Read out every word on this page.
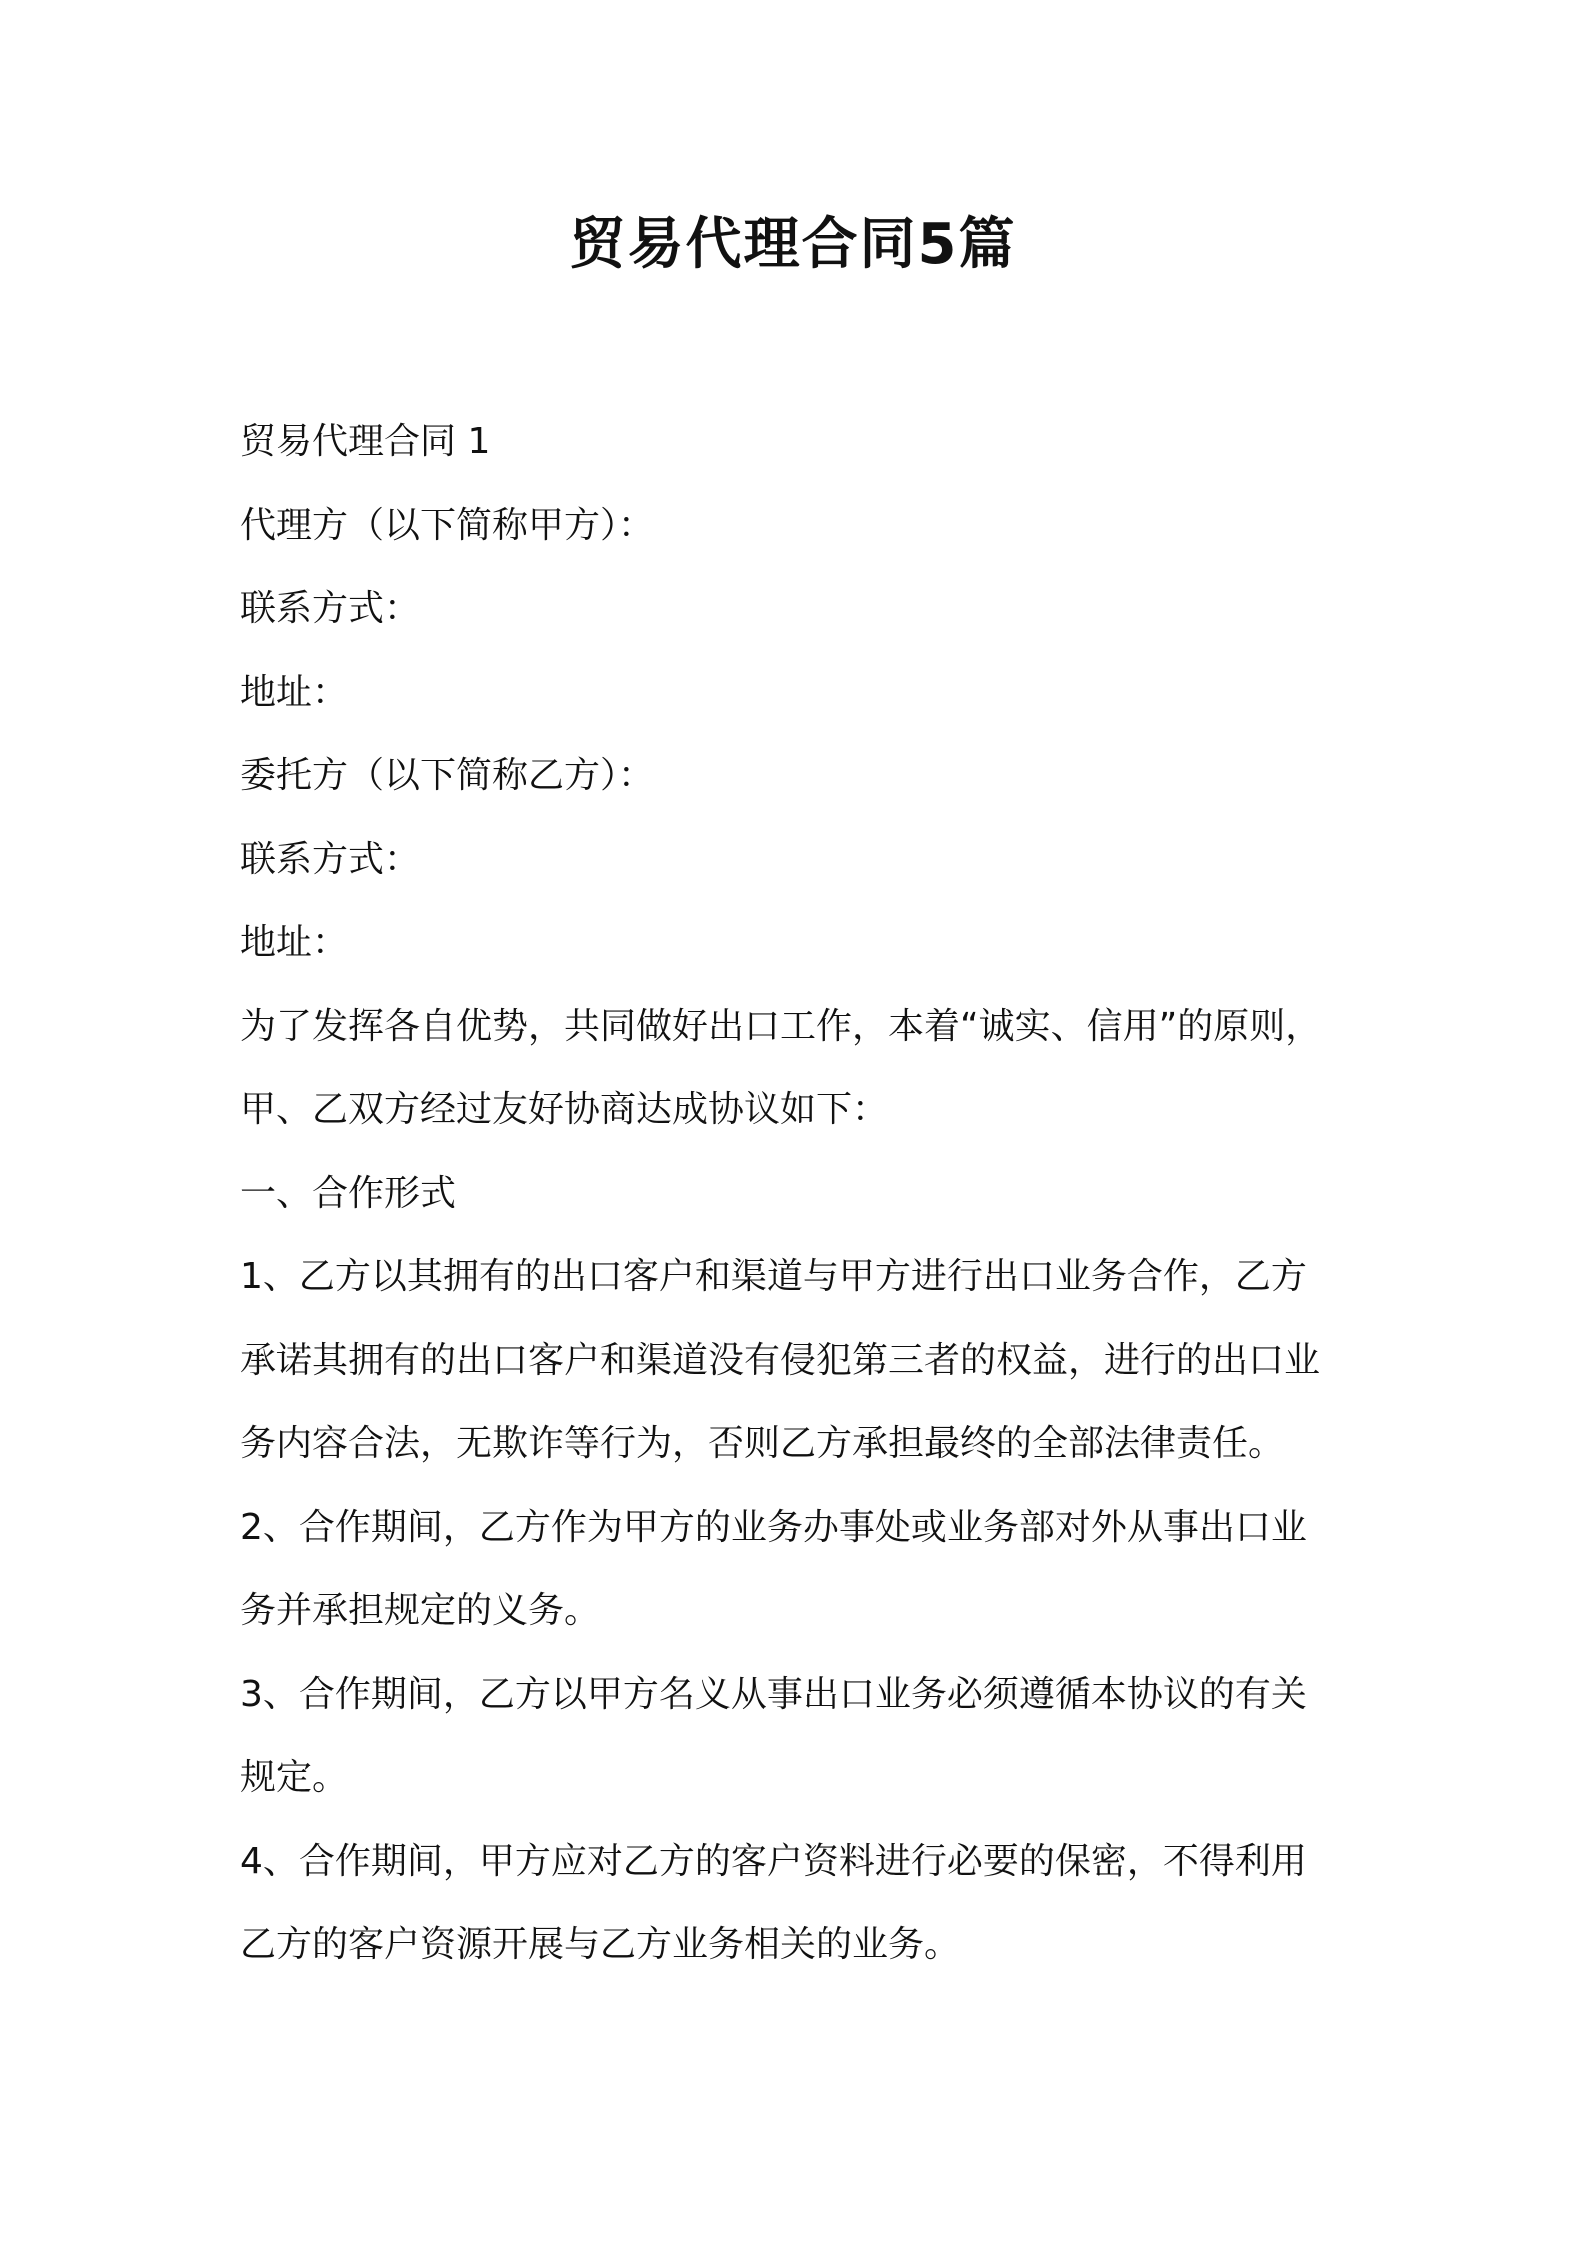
贸易代理合同5篇

贸易代理合同 1

代理方（以下简称甲方）：

联系方式：

地址：

委托方（以下简称乙方）：

联系方式：

地址：

为了发挥各自优势，共同做好出口工作，本着“诚实、信用”的原则，

甲、乙双方经过友好协商达成协议如下：

一、合作形式

1、乙方以其拥有的出口客户和渠道与甲方进行出口业务合作，乙方

承诺其拥有的出口客户和渠道没有侵犯第三者的权益，进行的出口业

务内容合法，无欺诈等行为，否则乙方承担最终的全部法律责任。

2、合作期间，乙方作为甲方的业务办事处或业务部对外从事出口业

务并承担规定的义务。

3、合作期间，乙方以甲方名义从事出口业务必须遵循本协议的有关

规定。

4、合作期间，甲方应对乙方的客户资料进行必要的保密，不得利用

乙方的客户资源开展与乙方业务相关的业务。
